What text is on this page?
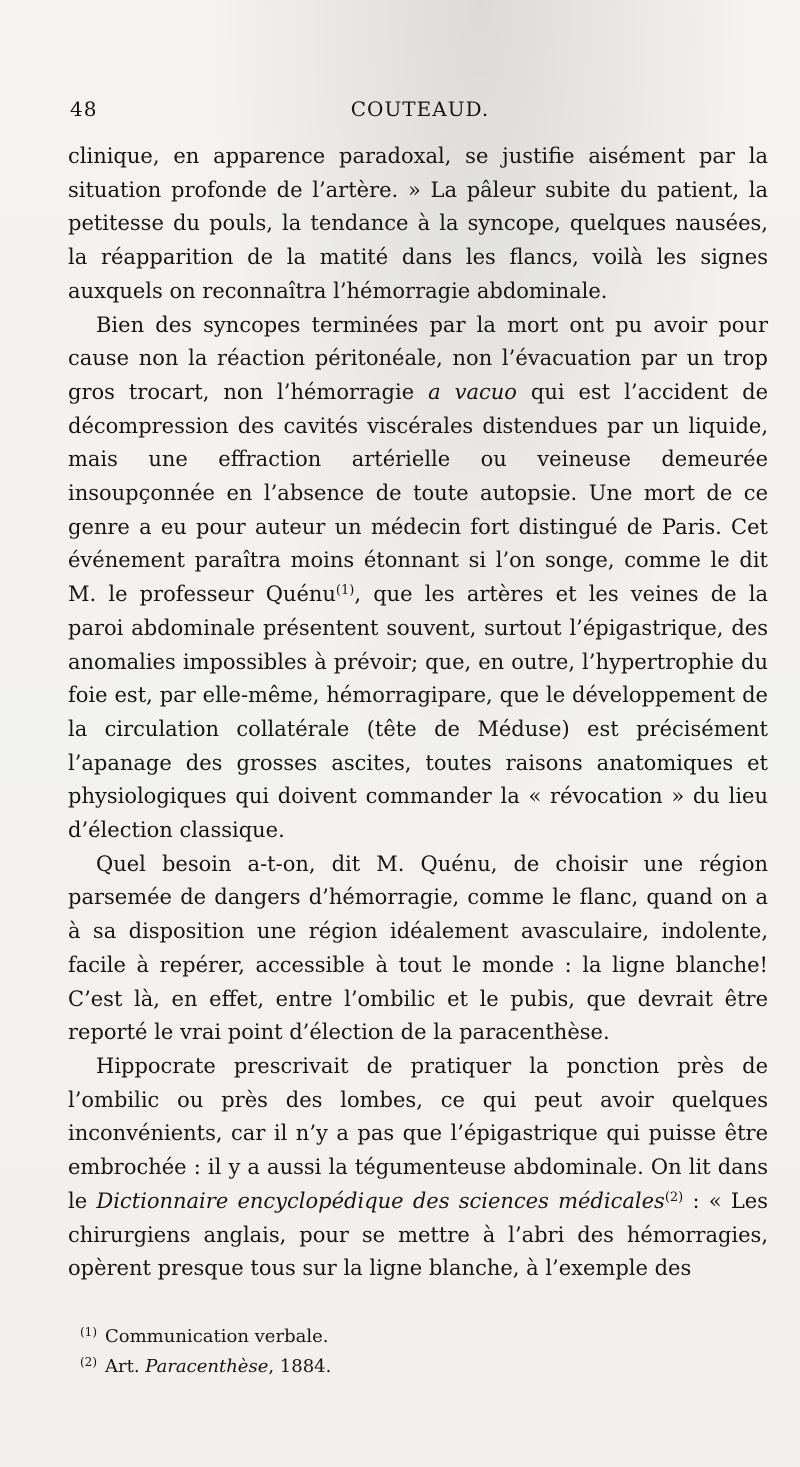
48	COUTEAUD.

clinique, en apparence paradoxal, se justifie aisément par la situation profonde de l’artère. » La pâleur subite du patient, la petitesse du pouls, la tendance à la syncope, quelques nausées, la réapparition de la matité dans les flancs, voilà les signes auxquels on reconnaîtra l’hémorragie abdominale.

Bien des syncopes terminées par la mort ont pu avoir pour cause non la réaction péritonéale, non l’évacuation par un trop gros trocart, non l’hémorragie a vacuo qui est l’accident de décompression des cavités viscérales distendues par un liquide, mais une effraction artérielle ou veineuse demeurée insoupçonnée en l’absence de toute autopsie. Une mort de ce genre a eu pour auteur un médecin fort distingué de Paris. Cet événement paraîtra moins étonnant si l’on songe, comme le dit M. le professeur Quénu$^{(1)}$, que les artères et les veines de la paroi abdominale présentent souvent, surtout l’épigastrique, des anomalies impossibles à prévoir; que, en outre, l’hypertrophie du foie est, par elle-même, hémorragipare, que le développement de la circulation collatérale (tête de Méduse) est précisément l’apanage des grosses ascites, toutes raisons anatomiques et physiologiques qui doivent commander la « révocation » du lieu d’élection classique.

Quel besoin a-t-on, dit M. Quénu, de choisir une région parsemée de dangers d’hémorragie, comme le flanc, quand on a à sa disposition une région idéalement avasculaire, indolente, facile à repérer, accessible à tout le monde : la ligne blanche! C’est là, en effet, entre l’ombilic et le pubis, que devrait être reporté le vrai point d’élection de la paracenthèse.

Hippocrate prescrivait de pratiquer la ponction près de l’ombilic ou près des lombes, ce qui peut avoir quelques inconvénients, car il n’y a pas que l’épigastrique qui puisse être embrochée : il y a aussi la tégumenteuse abdominale. On lit dans le Dictionnaire encyclopédique des sciences médicales$^{(2)}$ : « Les chirurgiens anglais, pour se mettre à l’abri des hémorragies, opèrent presque tous sur la ligne blanche, à l’exemple des

$^{(1)}$ Communication verbale.
$^{(2)}$ Art. Paracenthèse, 1884.
